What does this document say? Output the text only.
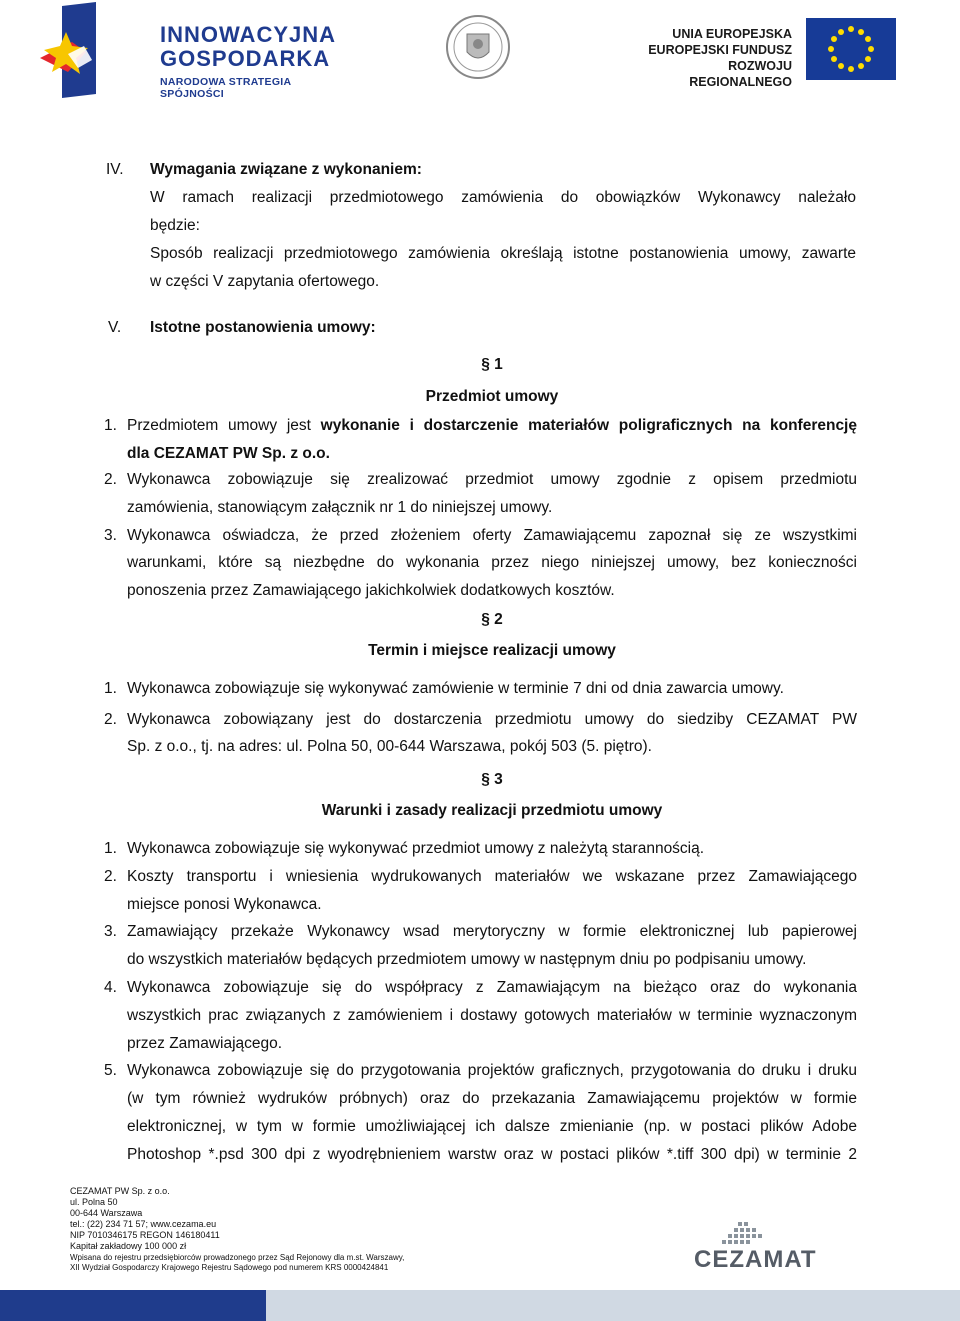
INNOWACYJNA
GOSPODARKA
NARODOWA STRATEGIA SPÓJNOŚCI
UNIA EUROPEJSKA
EUROPEJSKI FUNDUSZ
ROZWOJU REGIONALNEGO
IV. Wymagania związane z wykonaniem:
W ramach realizacji przedmiotowego zamówienia do obowiązków Wykonawcy należało
będzie:
Sposób realizacji przedmiotowego zamówienia określają istotne postanowienia umowy, zawarte
w części V zapytania ofertowego.
V. Istotne postanowienia umowy:
§ 1
Przedmiot umowy
1. Przedmiotem umowy jest wykonanie i dostarczenie materiałów poligraficznych na konferencję
dla CEZAMAT PW Sp. z o.o.
2. Wykonawca zobowiązuje się zrealizować przedmiot umowy zgodnie z opisem przedmiotu
zamówienia, stanowiącym załącznik nr 1 do niniejszej umowy.
3. Wykonawca oświadcza, że przed złożeniem oferty Zamawiającemu zapoznał się ze wszystkimi
warunkami, które są niezbędne do wykonania przez niego niniejszej umowy, bez konieczności
ponoszenia przez Zamawiającego jakichkolwiek dodatkowych kosztów.
§ 2
Termin i miejsce realizacji umowy
1. Wykonawca zobowiązuje się wykonywać zamówienie w terminie 7 dni od dnia zawarcia umowy.
2. Wykonawca zobowiązany jest do dostarczenia przedmiotu umowy do siedziby CEZAMAT PW
Sp. z o.o., tj. na adres: ul. Polna 50, 00-644 Warszawa, pokój 503 (5. piętro).
§ 3
Warunki i zasady realizacji przedmiotu umowy
1. Wykonawca zobowiązuje się wykonywać przedmiot umowy z należytą starannością.
2. Koszty transportu i wniesienia wydrukowanych materiałów we wskazane przez Zamawiającego
miejsce ponosi Wykonawca.
3. Zamawiający przekaże Wykonawcy wsad merytoryczny w formie elektronicznej lub papierowej
do wszystkich materiałów będących przedmiotem umowy w następnym dniu po podpisaniu umowy.
4. Wykonawca zobowiązuje się do współpracy z Zamawiającym na bieżąco oraz do wykonania
wszystkich prac związanych z zamówieniem i dostawy gotowych materiałów w terminie wyznaczonym
przez Zamawiającego.
5. Wykonawca zobowiązuje się do przygotowania projektów graficznych, przygotowania do druku i druku
(w tym również wydruków próbnych) oraz do przekazania Zamawiającemu projektów w formie
elektronicznej, w tym w formie umożliwiającej ich dalsze zmienianie (np. w postaci plików Adobe
Photoshop *.psd 300 dpi z wyodrębnieniem warstw oraz w postaci plików *.tiff 300 dpi) w terminie 2
CEZAMAT PW Sp. z o.o.
ul. Polna 50
00-644 Warszawa
tel.: (22) 234 71 57; www.cezama.eu
NIP 7010346175 REGON 146180411
Kapitał zakładowy 100 000 zł
Wpisana do rejestru przedsiębiorców prowadzonego przez Sąd Rejonowy dla m.st. Warszawy,
XII Wydział Gospodarczy Krajowego Rejestru Sądowego pod numerem KRS 0000424841	CEZAMAT
